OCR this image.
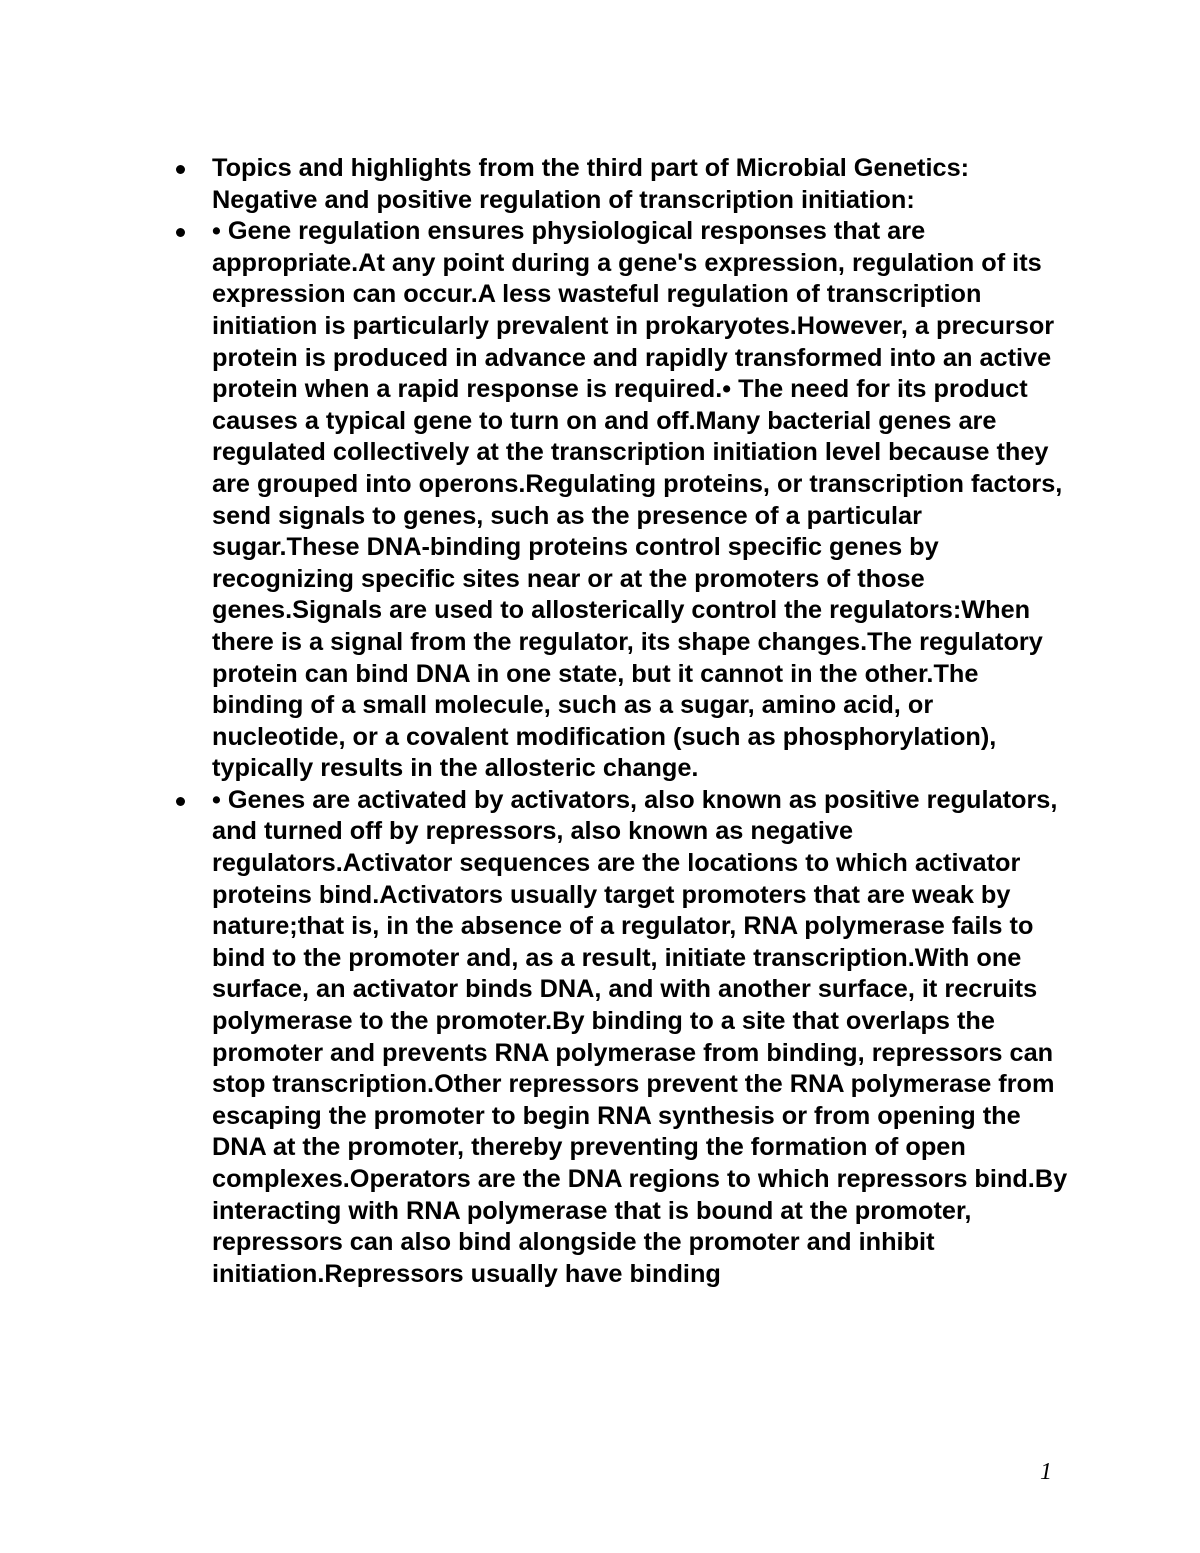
Topics and highlights from the third part of Microbial Genetics: Negative and positive regulation of transcription initiation:
• Gene regulation ensures physiological responses that are appropriate.At any point during a gene's expression, regulation of its expression can occur.A less wasteful regulation of transcription initiation is particularly prevalent in prokaryotes.However, a precursor protein is produced in advance and rapidly transformed into an active protein when a rapid response is required.• The need for its product causes a typical gene to turn on and off.Many bacterial genes are regulated collectively at the transcription initiation level because they are grouped into operons.Regulating proteins, or transcription factors, send signals to genes, such as the presence of a particular sugar.These DNA-binding proteins control specific genes by recognizing specific sites near or at the promoters of those genes.Signals are used to allosterically control the regulators:When there is a signal from the regulator, its shape changes.The regulatory protein can bind DNA in one state, but it cannot in the other.The binding of a small molecule, such as a sugar, amino acid, or nucleotide, or a covalent modification (such as phosphorylation), typically results in the allosteric change.
• Genes are activated by activators, also known as positive regulators, and turned off by repressors, also known as negative regulators.Activator sequences are the locations to which activator proteins bind.Activators usually target promoters that are weak by nature;that is, in the absence of a regulator, RNA polymerase fails to bind to the promoter and, as a result, initiate transcription.With one surface, an activator binds DNA, and with another surface, it recruits polymerase to the promoter.By binding to a site that overlaps the promoter and prevents RNA polymerase from binding, repressors can stop transcription.Other repressors prevent the RNA polymerase from escaping the promoter to begin RNA synthesis or from opening the DNA at the promoter, thereby preventing the formation of open complexes.Operators are the DNA regions to which repressors bind.By interacting with RNA polymerase that is bound at the promoter, repressors can also bind alongside the promoter and inhibit initiation.Repressors usually have binding
1
